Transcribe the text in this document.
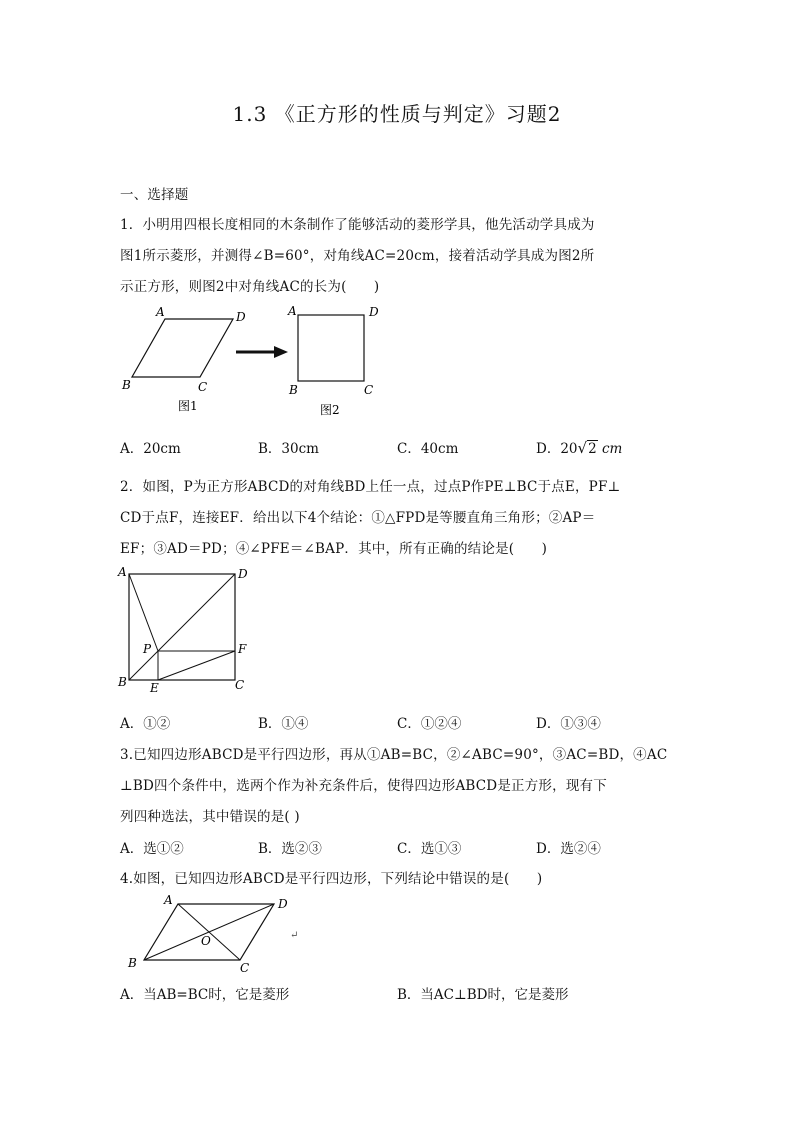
1.3 《正方形的性质与判定》习题2
一、选择题
1．小明用四根长度相同的木条制作了能够活动的菱形学具，他先活动学具成为
图1所示菱形，并测得∠B=60°，对角线AC=20cm，接着活动学具成为图2所
示正方形，则图2中对角线AC的长为(　　)
A	D
B	C
图1
A	D
B	C
图2
A．20cm	B．30cm	C．40cm	D．20√2 cm
2．如图，P为正方形ABCD的对角线BD上任一点，过点P作PE⊥BC于点E，PF⊥
CD于点F，连接EF．给出以下4个结论：①△FPD是等腰直角三角形；②AP＝
EF；③AD＝PD；④∠PFE＝∠BAP．其中，所有正确的结论是(　　)
A	D
P	F
B E	C
A．①②	B．①④	C．①②④	D．①③④
3.已知四边形ABCD是平行四边形，再从①AB=BC，②∠ABC=90°，③AC=BD，④AC
⊥BD四个条件中，选两个作为补充条件后，使得四边形ABCD是正方形，现有下
列四种选法，其中错误的是( )
A．选①②	B．选②③	C．选①③	D．选②④
4.如图，已知四边形ABCD是平行四边形，下列结论中错误的是(　　)
A	D
O
B	C
↵
A．当AB=BC时，它是菱形	B．当AC⊥BD时，它是菱形
